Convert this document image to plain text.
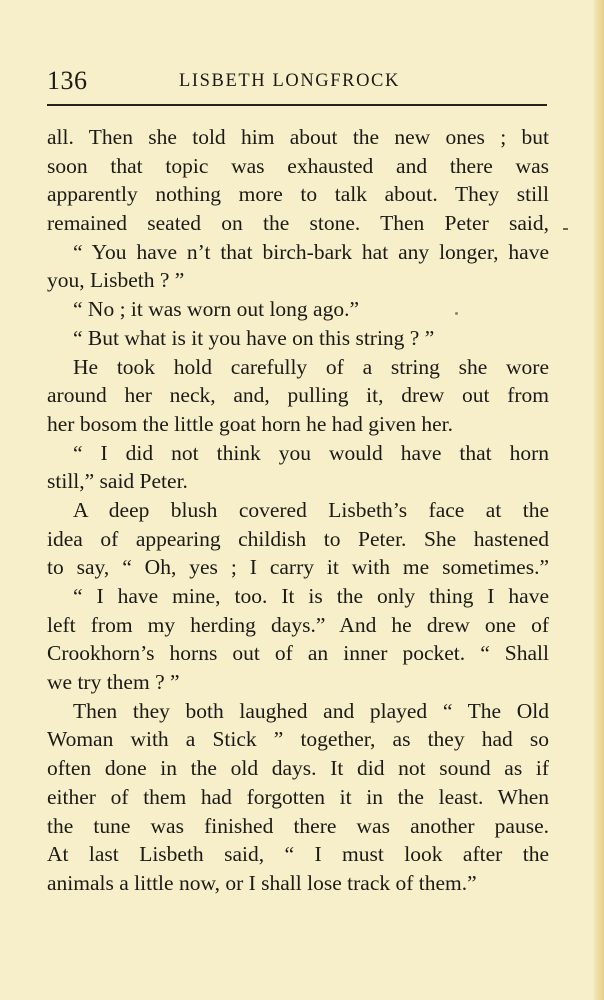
136	LISBETH LONGFROCK
all. Then she told him about the new ones ; but
soon that topic was exhausted and there was
apparently nothing more to talk about. They still
remained seated on the stone. Then Peter said,
“ You have n’t that birch-bark hat any longer, have
you, Lisbeth ? ”
“ No ; it was worn out long ago.”
“ But what is it you have on this string ? ”
He took hold carefully of a string she wore
around her neck, and, pulling it, drew out from
her bosom the little goat horn he had given her.
“ I did not think you would have that horn
still,” said Peter.
A deep blush covered Lisbeth’s face at the
idea of appearing childish to Peter. She hastened
to say, “ Oh, yes ; I carry it with me sometimes.”
“ I have mine, too. It is the only thing I have
left from my herding days.” And he drew one of
Crookhorn’s horns out of an inner pocket. “ Shall
we try them ? ”
Then they both laughed and played “ The Old
Woman with a Stick ” together, as they had so
often done in the old days. It did not sound as if
either of them had forgotten it in the least. When
the tune was finished there was another pause.
At last Lisbeth said, “ I must look after the
animals a little now, or I shall lose track of them.”
